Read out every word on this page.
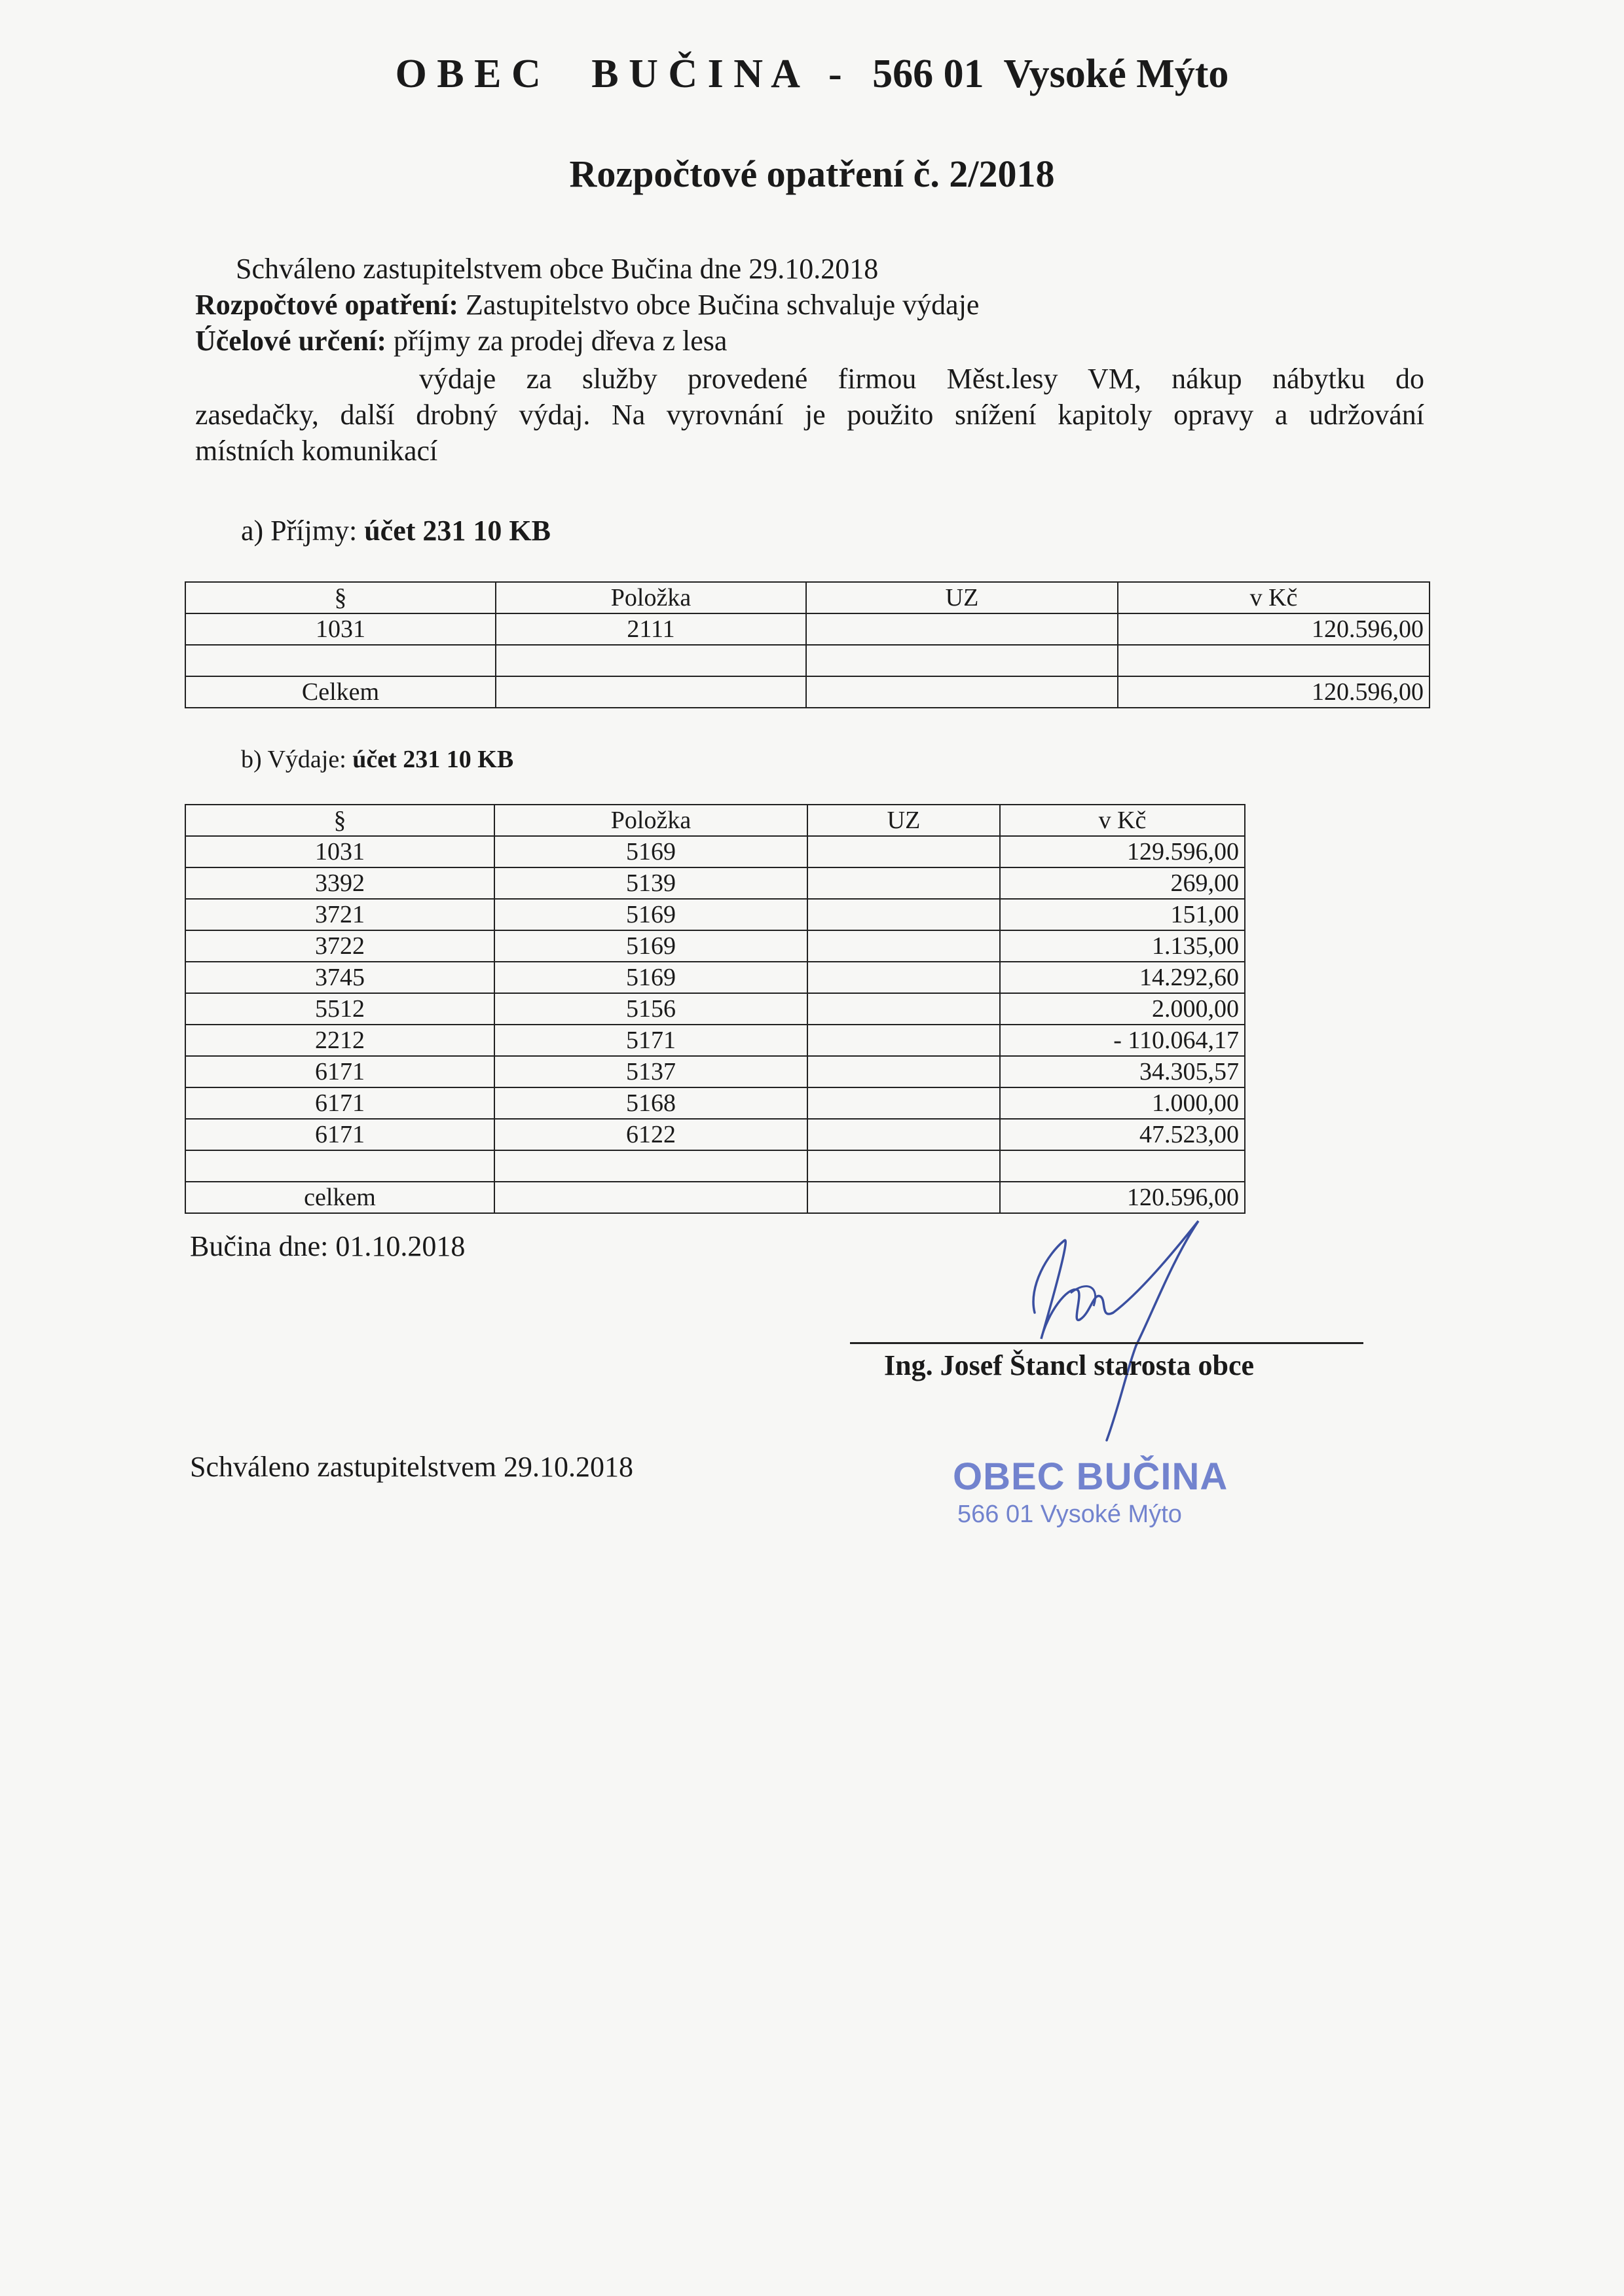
O B E C     B U Č I N A   -   566 01  Vysoké Mýto
Rozpočtové opatření č. 2/2018
Schváleno zastupitelstvem obce Bučina dne 29.10.2018
Rozpočtové opatření: Zastupitelstvo obce Bučina schvaluje výdaje
Účelové určení: příjmy za prodej dřeva z lesa
výdaje  za  služby  provedené  firmou  Měst.lesy  VM,  nákup  nábytku  do
zasedačky, další drobný výdaj. Na vyrovnání je použito snížení kapitoly opravy a udržování
místních komunikací
a) Příjmy: účet 231 10 KB
§	Položka	UZ	v Kč
1031	2111		120.596,00

Celkem			120.596,00
b) Výdaje: účet 231 10 KB
§	Položka	UZ	v Kč
1031	5169		129.596,00
3392	5139		269,00
3721	5169		151,00
3722	5169		1.135,00
3745	5169		14.292,60
5512	5156		2.000,00
2212	5171		- 110.064,17
6171	5137		34.305,57
6171	5168		1.000,00
6171	6122		47.523,00

celkem			120.596,00
Bučina dne: 01.10.2018
Ing. Josef Štancl starosta obce
Schváleno zastupitelstvem 29.10.2018	OBEC BUČINA
566 01 Vysoké Mýto
